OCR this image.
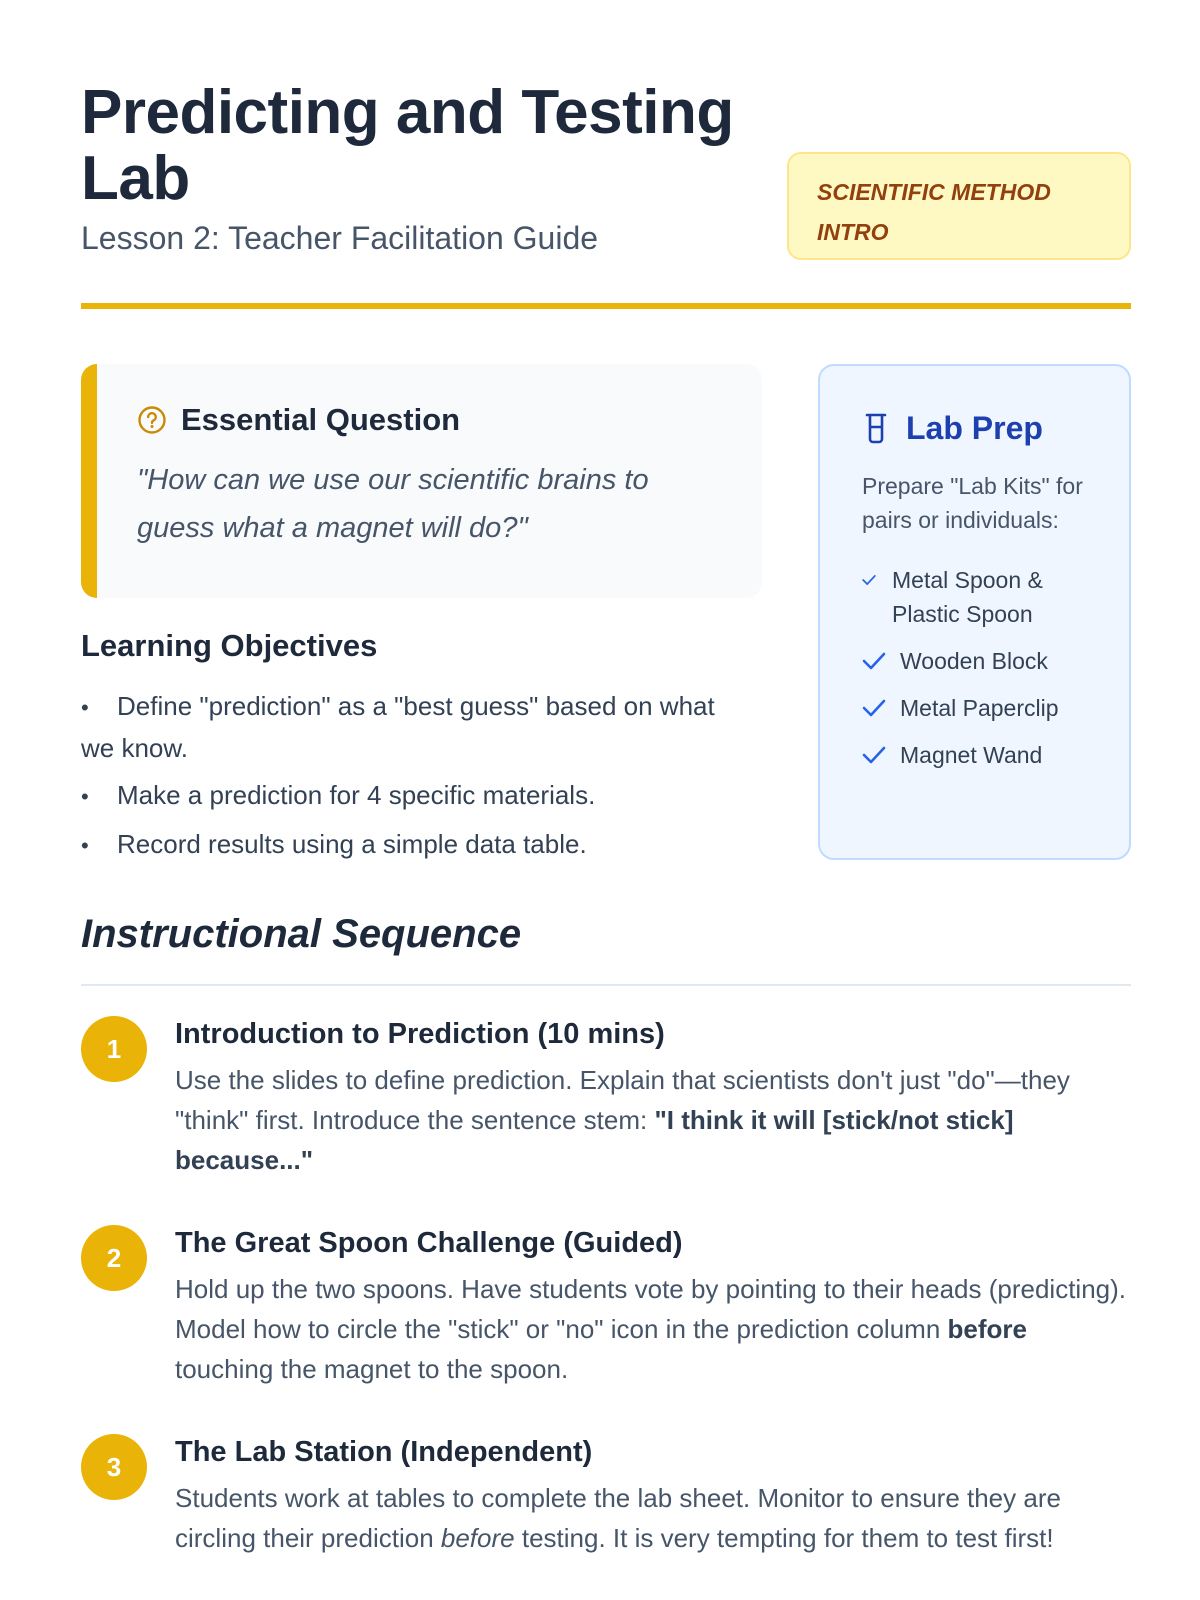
Predicting and Testing Lab

Lesson 2: Teacher Facilitation Guide

SCIENTIFIC METHOD INTRO
Essential Question
"How can we use our scientific brains to guess what a magnet will do?"
Learning Objectives
• Define "prediction" as a "best guess" based on what we know.
• Make a prediction for 4 specific materials.
• Record results using a simple data table.
Lab Prep
Prepare "Lab Kits" for pairs or individuals:
Metal Spoon & Plastic Spoon
Wooden Block
Metal Paperclip
Magnet Wand
Instructional Sequence
1	Introduction to Prediction (10 mins)
Use the slides to define prediction. Explain that scientists don't just "do"—they "think" first. Introduce the sentence stem: "I think it will [stick/not stick] because..."
2	The Great Spoon Challenge (Guided)
Hold up the two spoons. Have students vote by pointing to their heads (predicting). Model how to circle the "stick" or "no" icon in the prediction column before touching the magnet to the spoon.
3	The Lab Station (Independent)
Students work at tables to complete the lab sheet. Monitor to ensure they are circling their prediction before testing. It is very tempting for them to test first!
